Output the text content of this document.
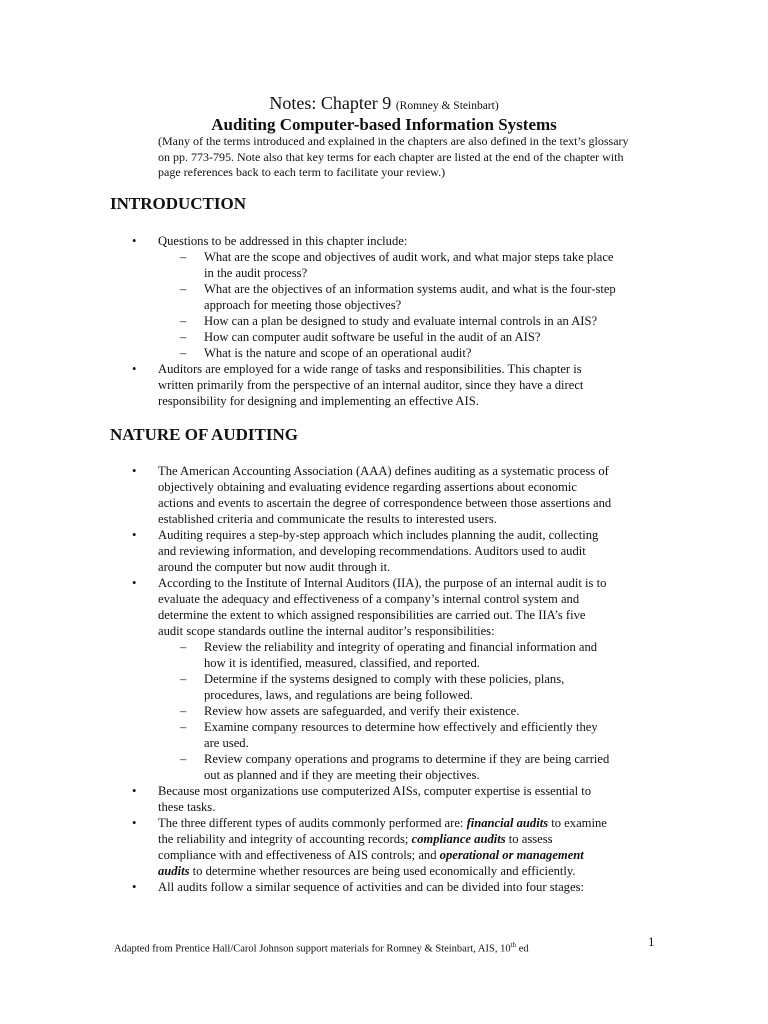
Notes: Chapter 9 (Romney & Steinbart)
Auditing Computer-based Information Systems
(Many of the terms introduced and explained in the chapters are also defined in the text’s glossary
on pp. 773-795. Note also that key terms for each chapter are listed at the end of the chapter with
page references back to each term to facilitate your review.)
INTRODUCTION
•	Questions to be addressed in this chapter include:
– What are the scope and objectives of audit work, and what major steps take place
in the audit process?
– What are the objectives of an information systems audit, and what is the four-step
approach for meeting those objectives?
– How can a plan be designed to study and evaluate internal controls in an AIS?
– How can computer audit software be useful in the audit of an AIS?
– What is the nature and scope of an operational audit?
•	Auditors are employed for a wide range of tasks and responsibilities. This chapter is
written primarily from the perspective of an internal auditor, since they have a direct
responsibility for designing and implementing an effective AIS.
NATURE OF AUDITING
•	The American Accounting Association (AAA) defines auditing as a systematic process of
objectively obtaining and evaluating evidence regarding assertions about economic
actions and events to ascertain the degree of correspondence between those assertions and
established criteria and communicate the results to interested users.
•	Auditing requires a step-by-step approach which includes planning the audit, collecting
and reviewing information, and developing recommendations. Auditors used to audit
around the computer but now audit through it.
•	According to the Institute of Internal Auditors (IIA), the purpose of an internal audit is to
evaluate the adequacy and effectiveness of a company’s internal control system and
determine the extent to which assigned responsibilities are carried out. The IIA’s five
audit scope standards outline the internal auditor’s responsibilities:
– Review the reliability and integrity of operating and financial information and
how it is identified, measured, classified, and reported.
– Determine if the systems designed to comply with these policies, plans,
procedures, laws, and regulations are being followed.
– Review how assets are safeguarded, and verify their existence.
– Examine company resources to determine how effectively and efficiently they
are used.
– Review company operations and programs to determine if they are being carried
out as planned and if they are meeting their objectives.
•	Because most organizations use computerized AISs, computer expertise is essential to
these tasks.
•	The three different types of audits commonly performed are: financial audits to examine
the reliability and integrity of accounting records; compliance audits to assess
compliance with and effectiveness of AIS controls; and operational or management
audits to determine whether resources are being used economically and efficiently.
•	All audits follow a similar sequence of activities and can be divided into four stages:
Adapted from Prentice Hall/Carol Johnson support materials for Romney & Steinbart, AIS, 10th ed	1
